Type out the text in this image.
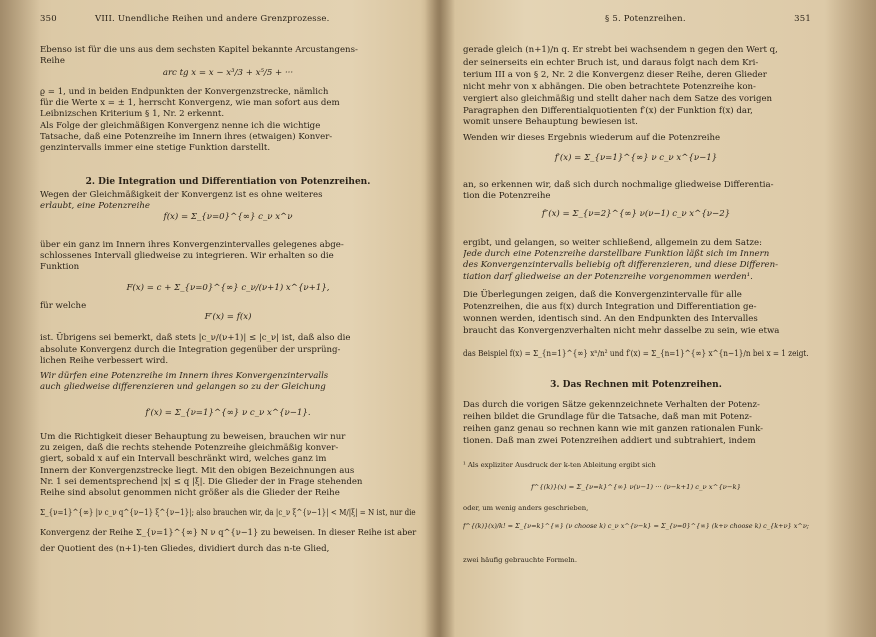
350	VIII. Unendliche Reihen und andere Grenzprozesse.
Ebenso ist für die uns aus dem sechsten Kapitel bekannte Arcustangens-
Reihe
arc tg x = x − x³/3 + x⁵/5 + ···
ϱ = 1, und in beiden Endpunkten der Konvergenzstrecke, nämlich
für die Werte x = ± 1, herrscht Konvergenz, wie man sofort aus dem
Leibnizschen Kriterium § 1, Nr. 2 erkennt.
Als Folge der gleichmäßigen Konvergenz nenne ich die wichtige
Tatsache, daß eine Potenzreihe im Innern ihres (etwaigen) Konver-
genzintervalls immer eine stetige Funktion darstellt.
2. Die Integration und Differentiation von Potenzreihen.
Wegen der Gleichmäßigkeit der Konvergenz ist es ohne weiteres
erlaubt, eine Potenzreihe
f(x) = Σ_{ν=0}^{∞} c_ν x^ν
über ein ganz im Innern ihres Konvergenzintervalles gelegenes abge-
schlossenes Intervall gliedweise zu integrieren. Wir erhalten so die
Funktion
F(x) = c + Σ_{ν=0}^{∞} c_ν/(ν+1) x^{ν+1},
für welche
F′(x) = f(x)
ist. Übrigens sei bemerkt, daß stets |c_ν/(ν+1)| ≤ |c_ν| ist, daß also die
absolute Konvergenz durch die Integration gegenüber der ursprüng-
lichen Reihe verbessert wird.
Wir dürfen eine Potenzreihe im Innern ihres Konvergenzintervalls
auch gliedweise differenzieren und gelangen so zu der Gleichung
f′(x) = Σ_{ν=1}^{∞} ν c_ν x^{ν−1}.
Um die Richtigkeit dieser Behauptung zu beweisen, brauchen wir nur
zu zeigen, daß die rechts stehende Potenzreihe gleichmäßig konver-
giert, sobald x auf ein Intervall beschränkt wird, welches ganz im
Innern der Konvergenzstrecke liegt. Mit den obigen Bezeichnungen aus
Nr. 1 sei dementsprechend |x| ≤ q |ξ|. Die Glieder der in Frage stehenden
Reihe sind absolut genommen nicht größer als die Glieder der Reihe
Σ_{ν=1}^{∞} |ν c_ν q^{ν−1} ξ^{ν−1}|; also brauchen wir, da |c_ν ξ^{ν−1}| < M/|ξ| = N ist, nur die
Konvergenz der Reihe Σ_{ν=1}^{∞} N ν q^{ν−1} zu beweisen. In dieser Reihe ist aber
der Quotient des (n+1)-ten Gliedes, dividiert durch das n-te Glied,
§ 5. Potenzreihen.	351
gerade gleich (n+1)/n q. Er strebt bei wachsendem n gegen den Wert q,
der seinerseits ein echter Bruch ist, und daraus folgt nach dem Kri-
terium III a von § 2, Nr. 2 die Konvergenz dieser Reihe, deren Glieder
nicht mehr von x abhängen. Die oben betrachtete Potenzreihe kon-
vergiert also gleichmäßig und stellt daher nach dem Satze des vorigen
Paragraphen den Differentialquotienten f′(x) der Funktion f(x) dar,
womit unsere Behauptung bewiesen ist.
Wenden wir dieses Ergebnis wiederum auf die Potenzreihe
f′(x) = Σ_{ν=1}^{∞} ν c_ν x^{ν−1}
an, so erkennen wir, daß sich durch nochmalige gliedweise Differentia-
tion die Potenzreihe
f″(x) = Σ_{ν=2}^{∞} ν(ν−1) c_ν x^{ν−2}
ergibt, und gelangen, so weiter schließend, allgemein zu dem Satze:
Jede durch eine Potenzreihe darstellbare Funktion läßt sich im Innern
des Konvergenzintervalls beliebig oft differenzieren, und diese Differen-
tiation darf gliedweise an der Potenzreihe vorgenommen werden¹.
Die Überlegungen zeigen, daß die Konvergenzintervalle für alle
Potenzreihen, die aus f(x) durch Integration und Differentiation ge-
wonnen werden, identisch sind. An den Endpunkten des Intervalles
braucht das Konvergenzverhalten nicht mehr dasselbe zu sein, wie etwa
das Beispiel f(x) = Σ_{n=1}^{∞} xⁿ/n² und f′(x) = Σ_{n=1}^{∞} x^{n−1}/n bei x = 1 zeigt.
3. Das Rechnen mit Potenzreihen.
Das durch die vorigen Sätze gekennzeichnete Verhalten der Potenz-
reihen bildet die Grundlage für die Tatsache, daß man mit Potenz-
reihen ganz genau so rechnen kann wie mit ganzen rationalen Funk-
tionen. Daß man zwei Potenzreihen addiert und subtrahiert, indem
¹ Als expliziter Ausdruck der k-ten Ableitung ergibt sich
f^{(k)}(x) = Σ_{ν=k}^{∞} ν(ν−1) ··· (ν−k+1) c_ν x^{ν−k}
oder, um wenig anders geschrieben,
f^{(k)}(x)/k! = Σ_{ν=k}^{∞} (ν choose k) c_ν x^{ν−k} = Σ_{ν=0}^{∞} (k+ν choose k) c_{k+ν} x^ν;
zwei häufig gebrauchte Formeln.
